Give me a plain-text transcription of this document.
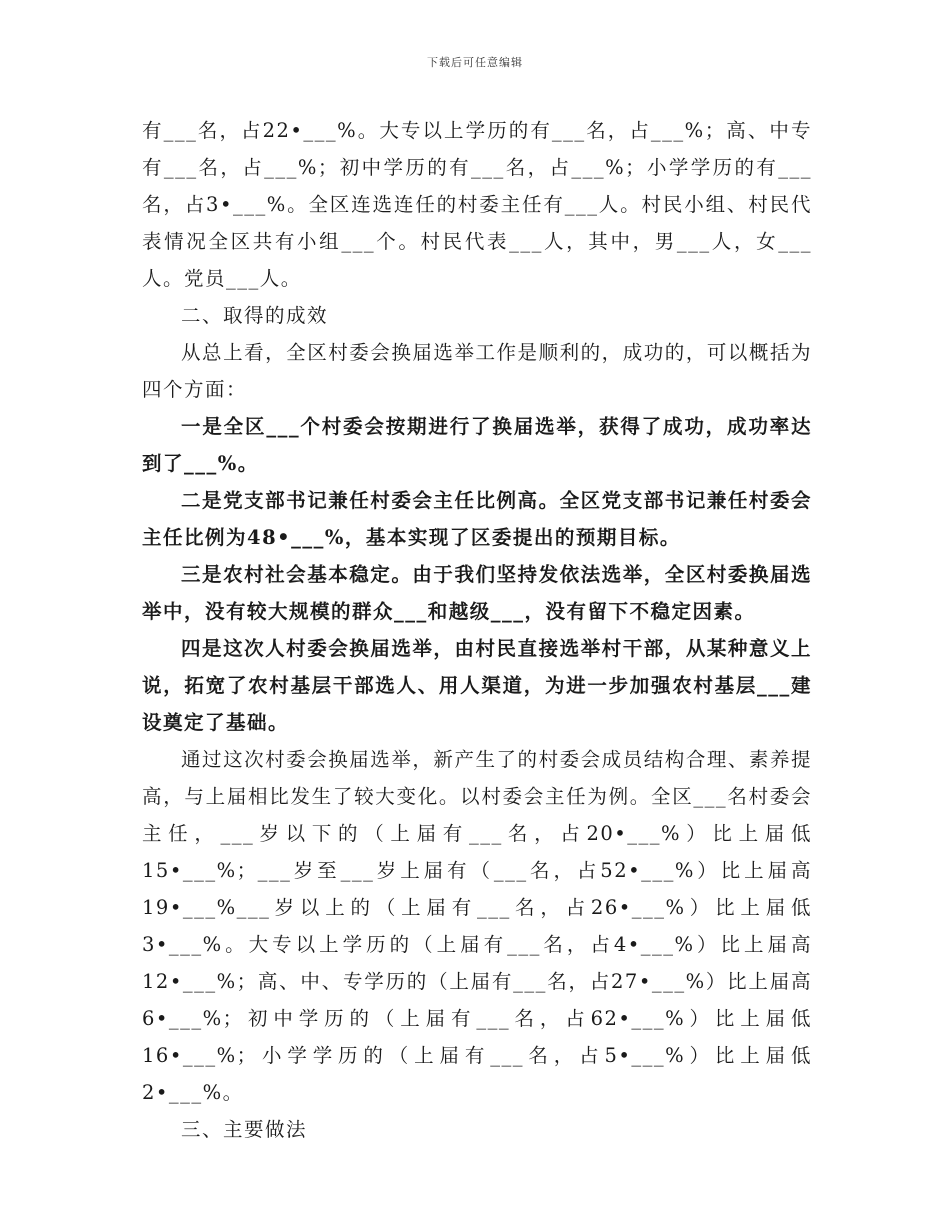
下载后可任意编辑

有___名，占22•___%。大专以上学历的有___名，占___%；高、中专有___名，占___%；初中学历的有___名，占___%；小学学历的有___名，占3•___%。全区连选连任的村委主任有___人。村民小组、村民代表情况全区共有小组___个。村民代表___人，其中，男___人，女___人。党员___人。

二、取得的成效

从总上看，全区村委会换届选举工作是顺利的，成功的，可以概括为四个方面：

一是全区___个村委会按期进行了换届选举，获得了成功，成功率达到了___%。

二是党支部书记兼任村委会主任比例高。全区党支部书记兼任村委会主任比例为48•___%，基本实现了区委提出的预期目标。

三是农村社会基本稳定。由于我们坚持发依法选举，全区村委换届选举中，没有较大规模的群众___和越级___，没有留下不稳定因素。

四是这次人村委会换届选举，由村民直接选举村干部，从某种意义上说，拓宽了农村基层干部选人、用人渠道，为进一步加强农村基层___建设奠定了基础。

通过这次村委会换届选举，新产生了的村委会成员结构合理、素养提高，与上届相比发生了较大变化。以村委会主任为例。全区___名村委会主任，___岁以下的（上届有___名，占20•___%）比上届低15•___%；___岁至___岁上届有（___名，占52•___%）比上届高19•___%___岁以上的（上届有___名，占26•___%）比上届低3•___%。大专以上学历的（上届有___名，占4•___%）比上届高12•___%；高、中、专学历的（上届有___名，占27•___%）比上届高6•___%；初中学历的（上届有___名，占62•___%）比上届低16•___%；小学学历的（上届有___名，占5•___%）比上届低2•___%。

三、主要做法
